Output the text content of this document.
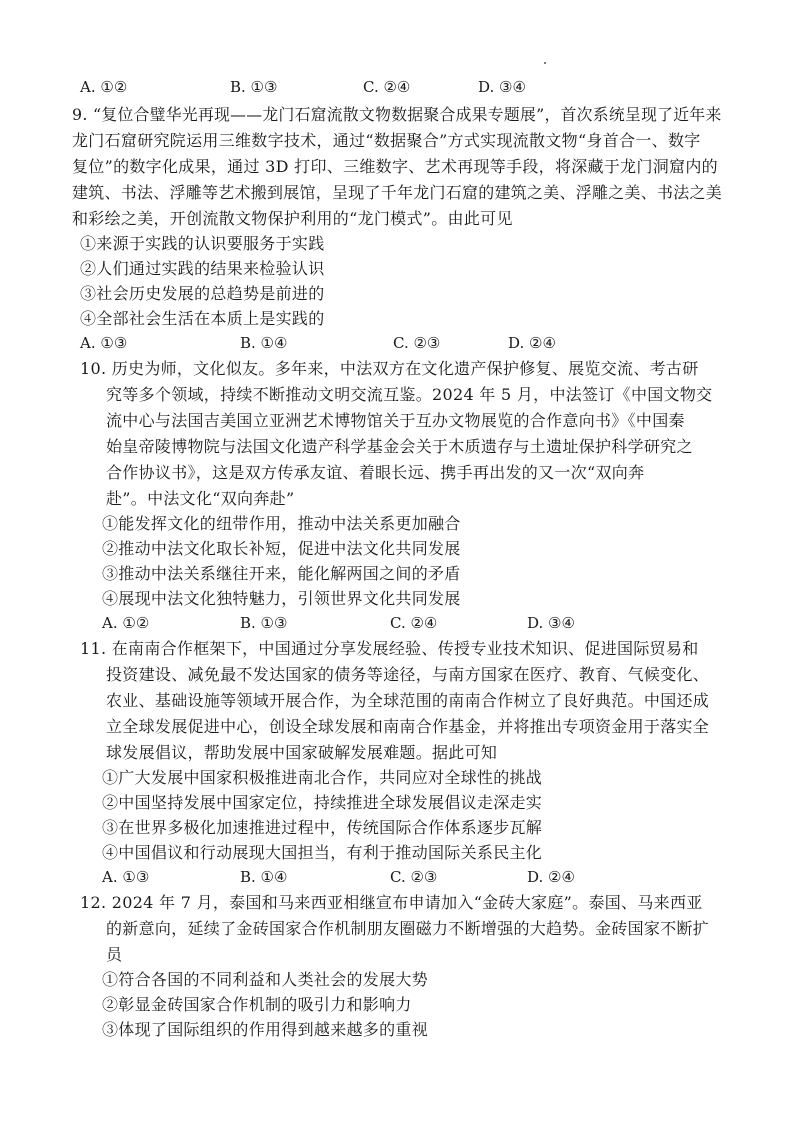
A. ①②	B. ①③	C. ②④	D. ③④
9. “复位合璧华光再现——龙门石窟流散文物数据聚合成果专题展”，首次系统呈现了近年来
龙门石窟研究院运用三维数字技术，通过“数据聚合”方式实现流散文物“身首合一、数字
复位”的数字化成果，通过 3D 打印、三维数字、艺术再现等手段，将深藏于龙门洞窟内的
建筑、书法、浮雕等艺术搬到展馆，呈现了千年龙门石窟的建筑之美、浮雕之美、书法之美
和彩绘之美，开创流散文物保护利用的“龙门模式”。由此可见
①来源于实践的认识要服务于实践
②人们通过实践的结果来检验认识
③社会历史发展的总趋势是前进的
④全部社会生活在本质上是实践的
A. ①③	B. ①④	C. ②③	D. ②④
10. 历史为师，文化似友。多年来，中法双方在文化遗产保护修复、展览交流、考古研
究等多个领域，持续不断推动文明交流互鉴。2024 年 5 月，中法签订《中国文物交
流中心与法国吉美国立亚洲艺术博物馆关于互办文物展览的合作意向书》《中国秦
始皇帝陵博物院与法国文化遗产科学基金会关于木质遗存与土遗址保护科学研究之
合作协议书》，这是双方传承友谊、着眼长远、携手再出发的又一次“双向奔
赴”。中法文化“双向奔赴”
①能发挥文化的纽带作用，推动中法关系更加融合
②推动中法文化取长补短，促进中法文化共同发展
③推动中法关系继往开来，能化解两国之间的矛盾
④展现中法文化独特魅力，引领世界文化共同发展
A. ①②	B. ①③	C. ②④	D. ③④
11. 在南南合作框架下，中国通过分享发展经验、传授专业技术知识、促进国际贸易和
投资建设、减免最不发达国家的债务等途径，与南方国家在医疗、教育、气候变化、
农业、基础设施等领域开展合作，为全球范围的南南合作树立了良好典范。中国还成
立全球发展促进中心，创设全球发展和南南合作基金，并将推出专项资金用于落实全
球发展倡议，帮助发展中国家破解发展难题。据此可知
①广大发展中国家积极推进南北合作，共同应对全球性的挑战
②中国坚持发展中国家定位，持续推进全球发展倡议走深走实
③在世界多极化加速推进过程中，传统国际合作体系逐步瓦解
④中国倡议和行动展现大国担当，有利于推动国际关系民主化
A. ①③	B. ①④	C. ②③	D. ②④
12. 2024 年 7 月，泰国和马来西亚相继宣布申请加入“金砖大家庭”。泰国、马来西亚
的新意向，延续了金砖国家合作机制朋友圈磁力不断增强的大趋势。金砖国家不断扩
员
①符合各国的不同利益和人类社会的发展大势
②彰显金砖国家合作机制的吸引力和影响力
③体现了国际组织的作用得到越来越多的重视
